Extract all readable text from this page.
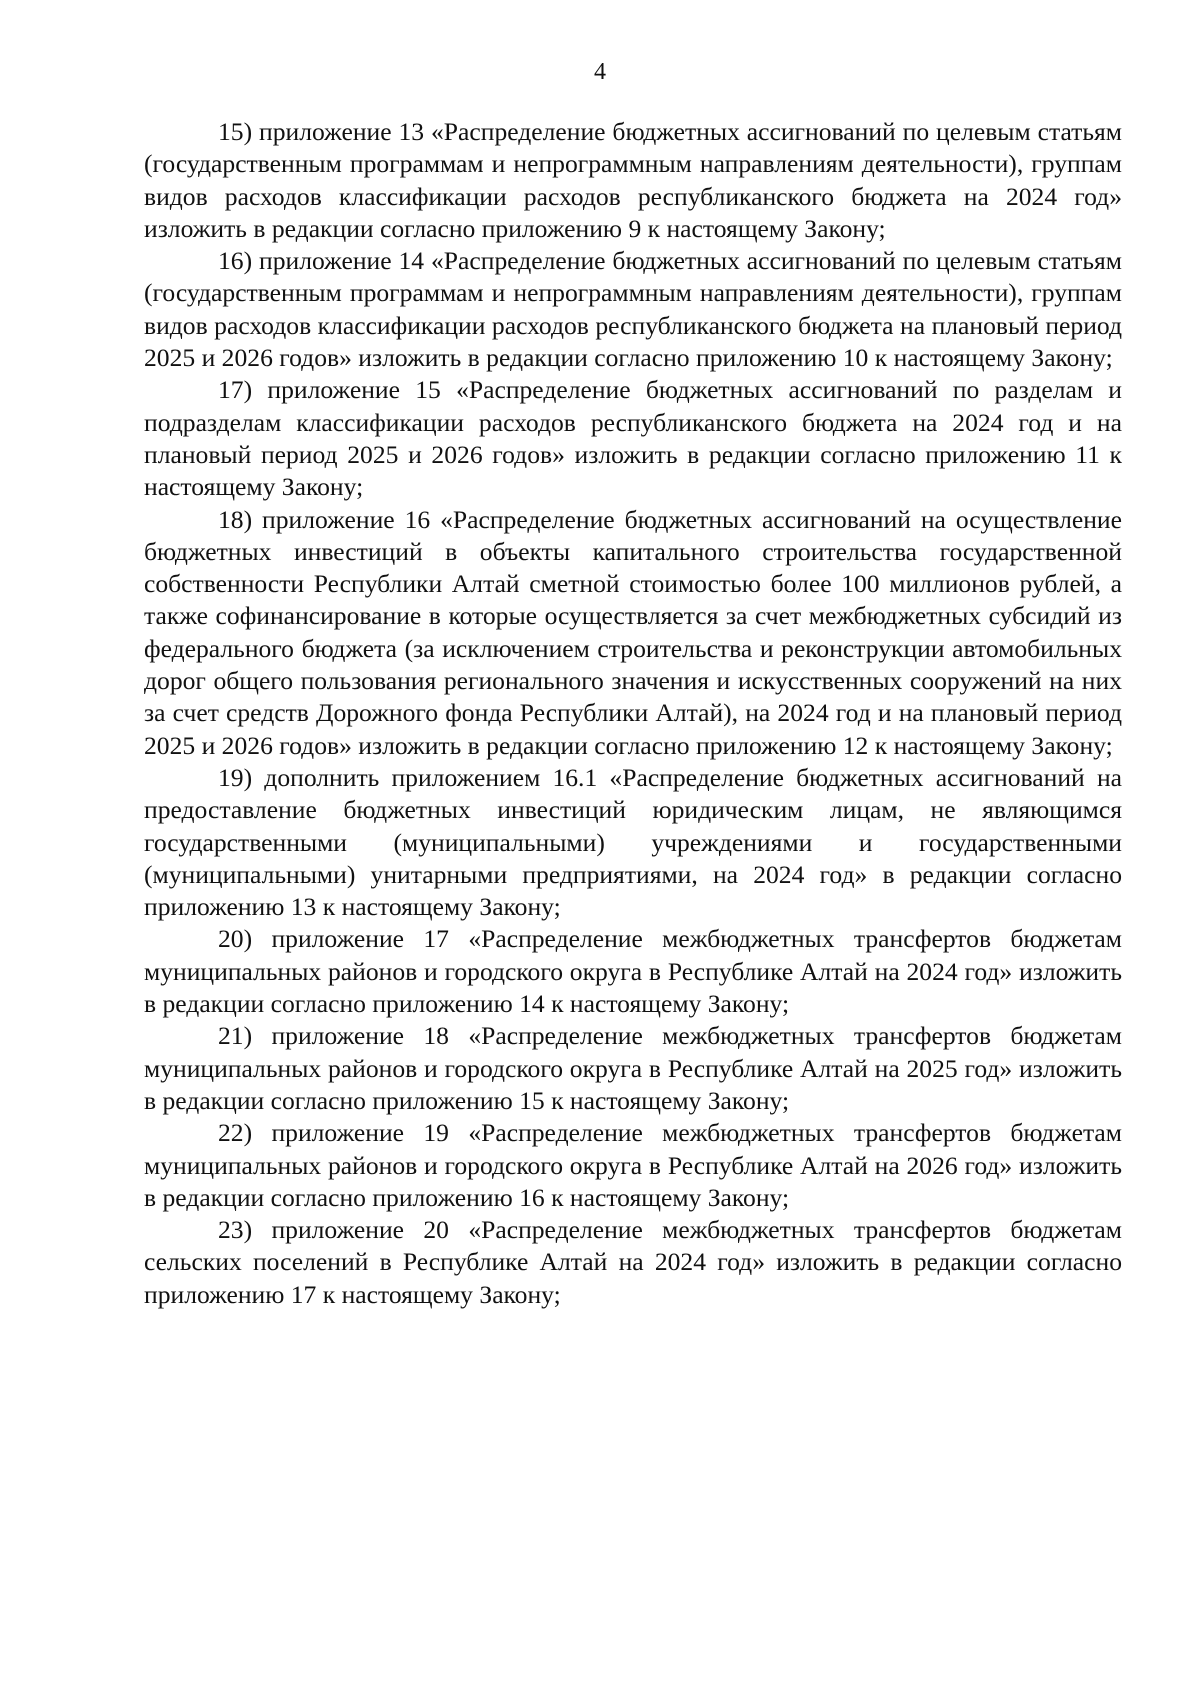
4

15) приложение 13 «Распределение бюджетных ассигнований по целевым статьям (государственным программам и непрограммным направлениям деятельности), группам видов расходов классификации расходов республиканского бюджета на 2024 год» изложить в редакции согласно приложению 9 к настоящему Закону;

16) приложение 14 «Распределение бюджетных ассигнований по целевым статьям (государственным программам и непрограммным направлениям деятельности), группам видов расходов классификации расходов республиканского бюджета на плановый период 2025 и 2026 годов» изложить в редакции согласно приложению 10 к настоящему Закону;

17) приложение 15 «Распределение бюджетных ассигнований по разделам и подразделам классификации расходов республиканского бюджета на 2024 год и на плановый период 2025 и 2026 годов» изложить в редакции согласно приложению 11 к настоящему Закону;

18) приложение 16 «Распределение бюджетных ассигнований на осуществление бюджетных инвестиций в объекты капитального строительства государственной собственности Республики Алтай сметной стоимостью более 100 миллионов рублей, а также софинансирование в которые осуществляется за счет межбюджетных субсидий из федерального бюджета (за исключением строительства и реконструкции автомобильных дорог общего пользования регионального значения и искусственных сооружений на них за счет средств Дорожного фонда Республики Алтай), на 2024 год и на плановый период 2025 и 2026 годов» изложить в редакции согласно приложению 12 к настоящему Закону;

19) дополнить приложением 16.1 «Распределение бюджетных ассигнований на предоставление бюджетных инвестиций юридическим лицам, не являющимся государственными (муниципальными) учреждениями и государственными (муниципальными) унитарными предприятиями, на 2024 год» в редакции согласно приложению 13 к настоящему Закону;

20) приложение 17 «Распределение межбюджетных трансфертов бюджетам муниципальных районов и городского округа в Республике Алтай на 2024 год» изложить в редакции согласно приложению 14 к настоящему Закону;

21) приложение 18 «Распределение межбюджетных трансфертов бюджетам муниципальных районов и городского округа в Республике Алтай на 2025 год» изложить в редакции согласно приложению 15 к настоящему Закону;

22) приложение 19 «Распределение межбюджетных трансфертов бюджетам муниципальных районов и городского округа в Республике Алтай на 2026 год» изложить в редакции согласно приложению 16 к настоящему Закону;

23) приложение 20 «Распределение межбюджетных трансфертов бюджетам сельских поселений в Республике Алтай на 2024 год» изложить в редакции согласно приложению 17 к настоящему Закону;
